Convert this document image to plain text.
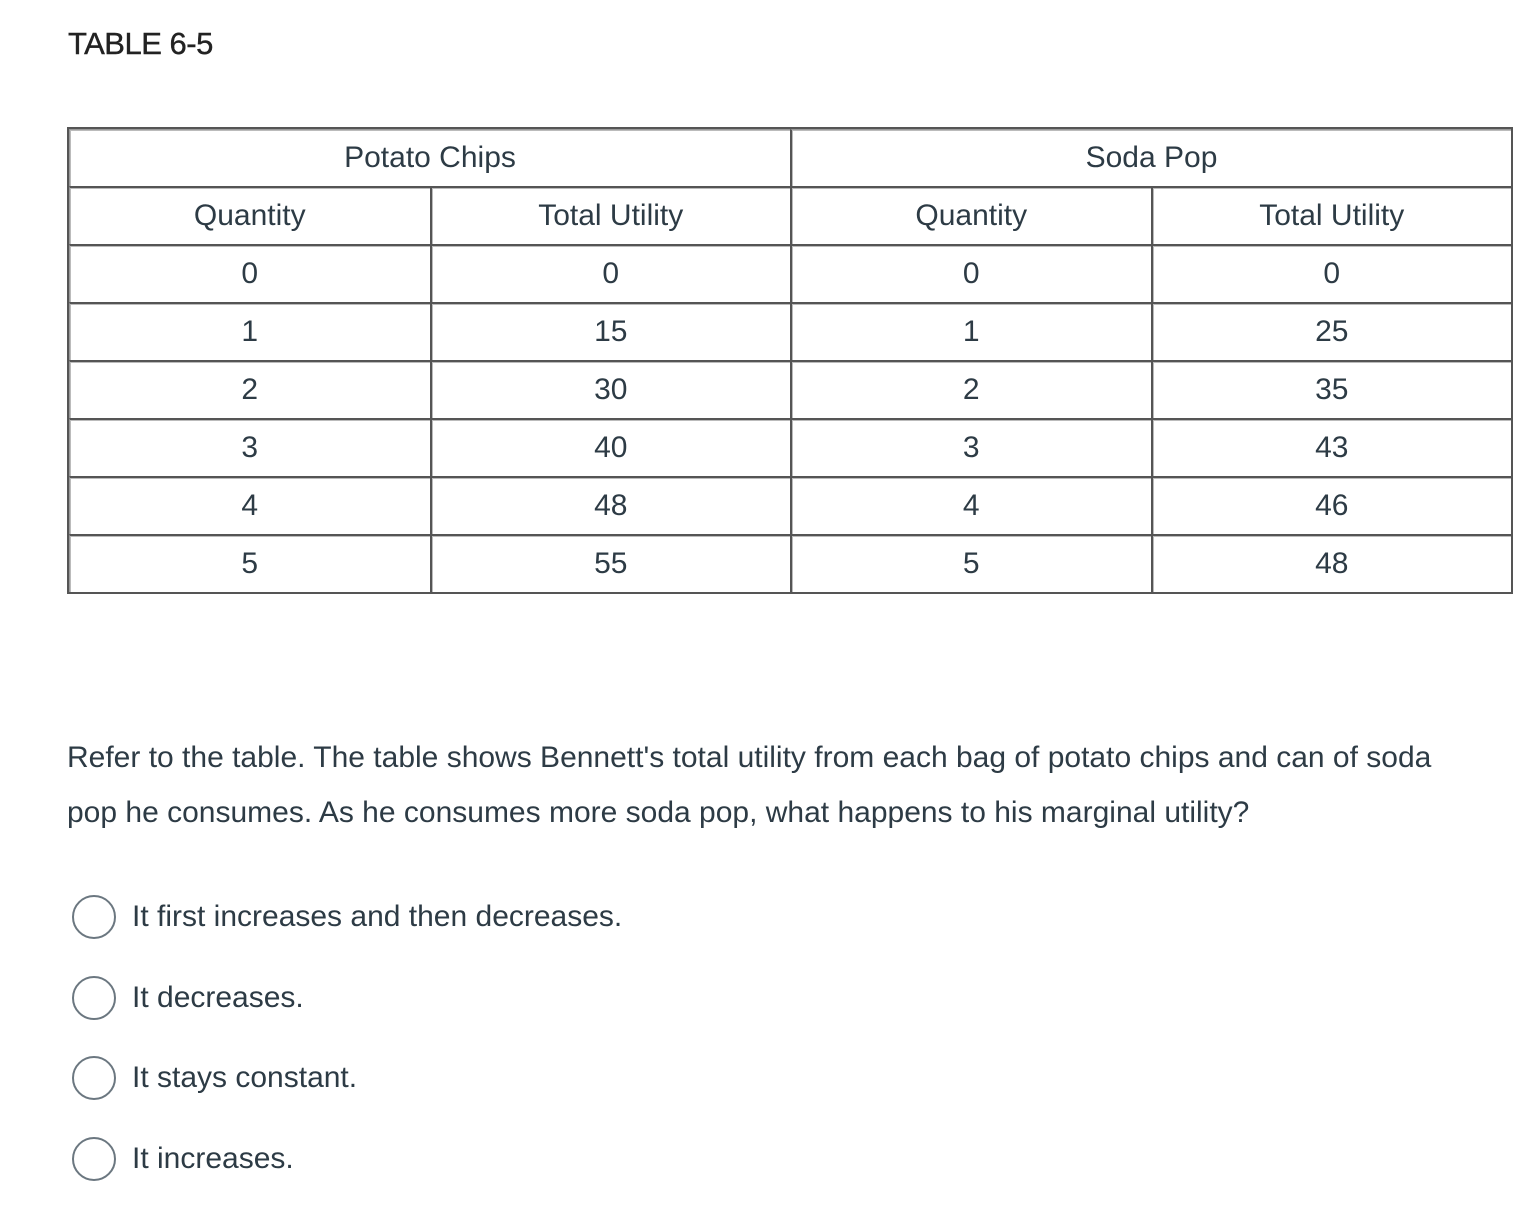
TABLE 6-5
Potato Chips		Soda Pop	
Quantity	Total Utility	Quantity	Total Utility
0	0	0	0
1	15	1	25
2	30	2	35
3	40	3	43
4	48	4	46
5	55	5	48
Refer to the table. The table shows Bennett's total utility from each bag of potato chips and can of soda pop he consumes. As he consumes more soda pop, what happens to his marginal utility?
It first increases and then decreases.
It decreases.
It stays constant.
It increases.
